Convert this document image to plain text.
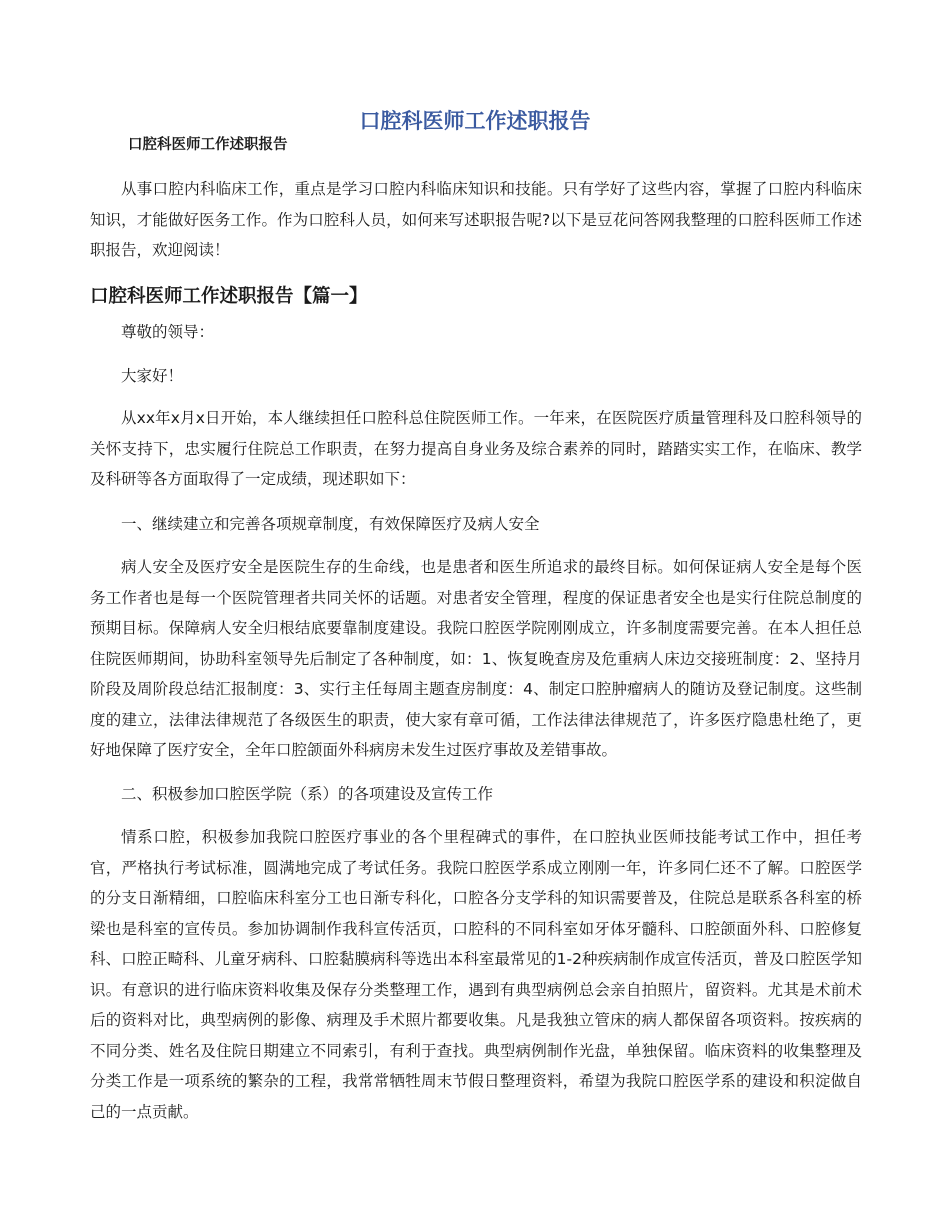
口腔科医师工作述职报告
口腔科医师工作述职报告

从事口腔内科临床工作，重点是学习口腔内科临床知识和技能。只有学好了这些内容，掌握了口腔内科临床知识，才能做好医务工作。作为口腔科人员，如何来写述职报告呢?以下是豆花问答网我整理的口腔科医师工作述职报告，欢迎阅读！

口腔科医师工作述职报告【篇一】

尊敬的领导：

大家好！

从xx年x月x日开始，本人继续担任口腔科总住院医师工作。一年来，在医院医疗质量管理科及口腔科领导的关怀支持下，忠实履行住院总工作职责，在努力提高自身业务及综合素养的同时，踏踏实实工作，在临床、教学及科研等各方面取得了一定成绩，现述职如下：

一、继续建立和完善各项规章制度，有效保障医疗及病人安全

病人安全及医疗安全是医院生存的生命线，也是患者和医生所追求的最终目标。如何保证病人安全是每个医务工作者也是每一个医院管理者共同关怀的话题。对患者安全管理，程度的保证患者安全也是实行住院总制度的预期目标。保障病人安全归根结底要靠制度建设。我院口腔医学院刚刚成立，许多制度需要完善。在本人担任总住院医师期间，协助科室领导先后制定了各种制度，如：1、恢复晚查房及危重病人床边交接班制度：2、坚持月阶段及周阶段总结汇报制度：3、实行主任每周主题查房制度：4、制定口腔肿瘤病人的随访及登记制度。这些制度的建立，法律法律规范了各级医生的职责，使大家有章可循，工作法律法律规范了，许多医疗隐患杜绝了，更好地保障了医疗安全，全年口腔颌面外科病房未发生过医疗事故及差错事故。

二、积极参加口腔医学院（系）的各项建设及宣传工作

情系口腔，积极参加我院口腔医疗事业的各个里程碑式的事件，在口腔执业医师技能考试工作中，担任考官，严格执行考试标准，圆满地完成了考试任务。我院口腔医学系成立刚刚一年，许多同仁还不了解。口腔医学的分支日渐精细，口腔临床科室分工也日渐专科化，口腔各分支学科的知识需要普及，住院总是联系各科室的桥梁也是科室的宣传员。参加协调制作我科宣传活页，口腔科的不同科室如牙体牙髓科、口腔颌面外科、口腔修复科、口腔正畸科、儿童牙病科、口腔黏膜病科等选出本科室最常见的1-2种疾病制作成宣传活页，普及口腔医学知识。有意识的进行临床资料收集及保存分类整理工作，遇到有典型病例总会亲自拍照片，留资料。尤其是术前术后的资料对比，典型病例的影像、病理及手术照片都要收集。凡是我独立管床的病人都保留各项资料。按疾病的不同分类、姓名及住院日期建立不同索引，有利于查找。典型病例制作光盘，单独保留。临床资料的收集整理及分类工作是一项系统的繁杂的工程，我常常牺牲周末节假日整理资料，希望为我院口腔医学系的建设和积淀做自己的一点贡献。
